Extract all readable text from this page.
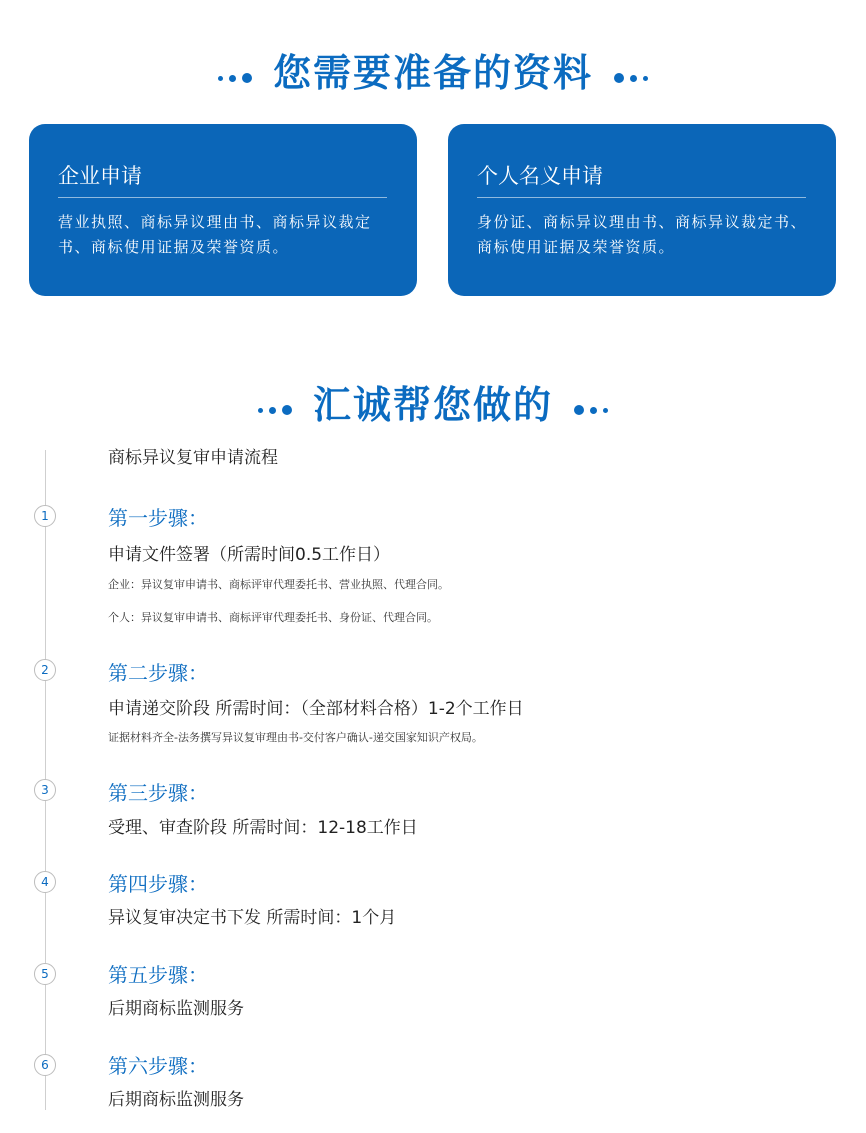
您需要准备的资料
企业申请
营业执照、商标异议理由书、商标异议裁定书、商标使用证据及荣誉资质。
个人名义申请
身份证、商标异议理由书、商标异议裁定书、商标使用证据及荣誉资质。
汇诚帮您做的
商标异议复审申请流程
1	第一步骤：
申请文件签署（所需时间0.5工作日）
企业：异议复审申请书、商标评审代理委托书、营业执照、代理合同。
个人：异议复审申请书、商标评审代理委托书、身份证、代理合同。
2	第二步骤：
申请递交阶段 所需时间：（全部材料合格）1-2个工作日
证据材料齐全-法务撰写异议复审理由书-交付客户确认-递交国家知识产权局。
3	第三步骤：
受理、审查阶段 所需时间：12-18工作日
4	第四步骤：
异议复审决定书下发 所需时间：1个月
5	第五步骤：
后期商标监测服务
6	第六步骤：
后期商标监测服务
